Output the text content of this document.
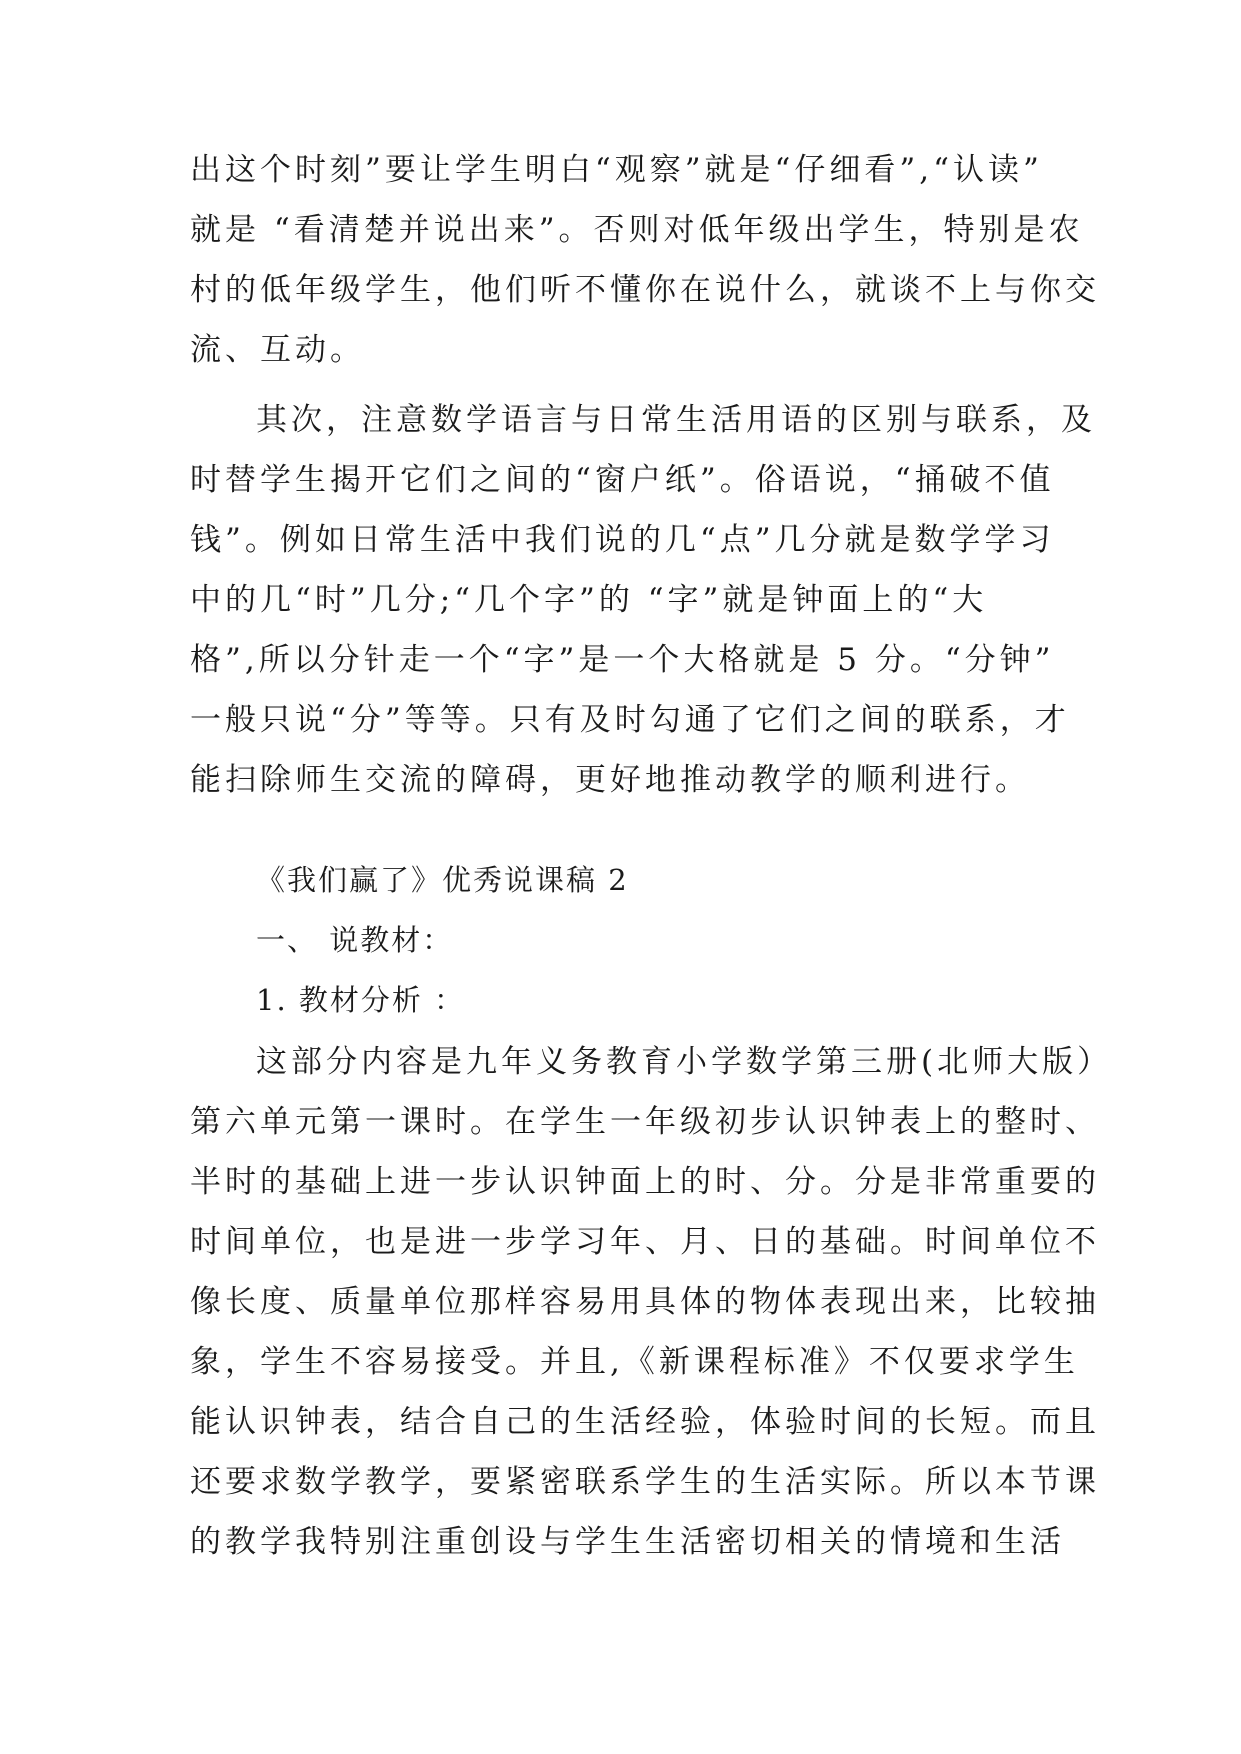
出这个时刻”要让学生明白“观察”就是“仔细看”,“认读”
就是 “看清楚并说出来”。否则对低年级出学生，特别是农
村的低年级学生，他们听不懂你在说什么，就谈不上与你交
流、互动。
其次，注意数学语言与日常生活用语的区别与联系，及
时替学生揭开它们之间的“窗户纸”。俗语说，“捅破不值
钱”。例如日常生活中我们说的几“点”几分就是数学学习
中的几“时”几分;“几个字”的 “字”就是钟面上的“大
格”,所以分针走一个“字”是一个大格就是 5 分。“分钟”
一般只说“分”等等。只有及时勾通了它们之间的联系，才
能扫除师生交流的障碍，更好地推动教学的顺利进行。
《我们赢了》优秀说课稿 2
一、 说教材：
1. 教材分析 ：
这部分内容是九年义务教育小学数学第三册(北师大版）
第六单元第一课时。在学生一年级初步认识钟表上的整时、
半时的基础上进一步认识钟面上的时、分。分是非常重要的
时间单位，也是进一步学习年、月、日的基础。时间单位不
像长度、质量单位那样容易用具体的物体表现出来，比较抽
象，学生不容易接受。并且,《新课程标准》不仅要求学生
能认识钟表，结合自己的生活经验，体验时间的长短。而且
还要求数学教学，要紧密联系学生的生活实际。所以本节课
的教学我特别注重创设与学生生活密切相关的情境和生活
